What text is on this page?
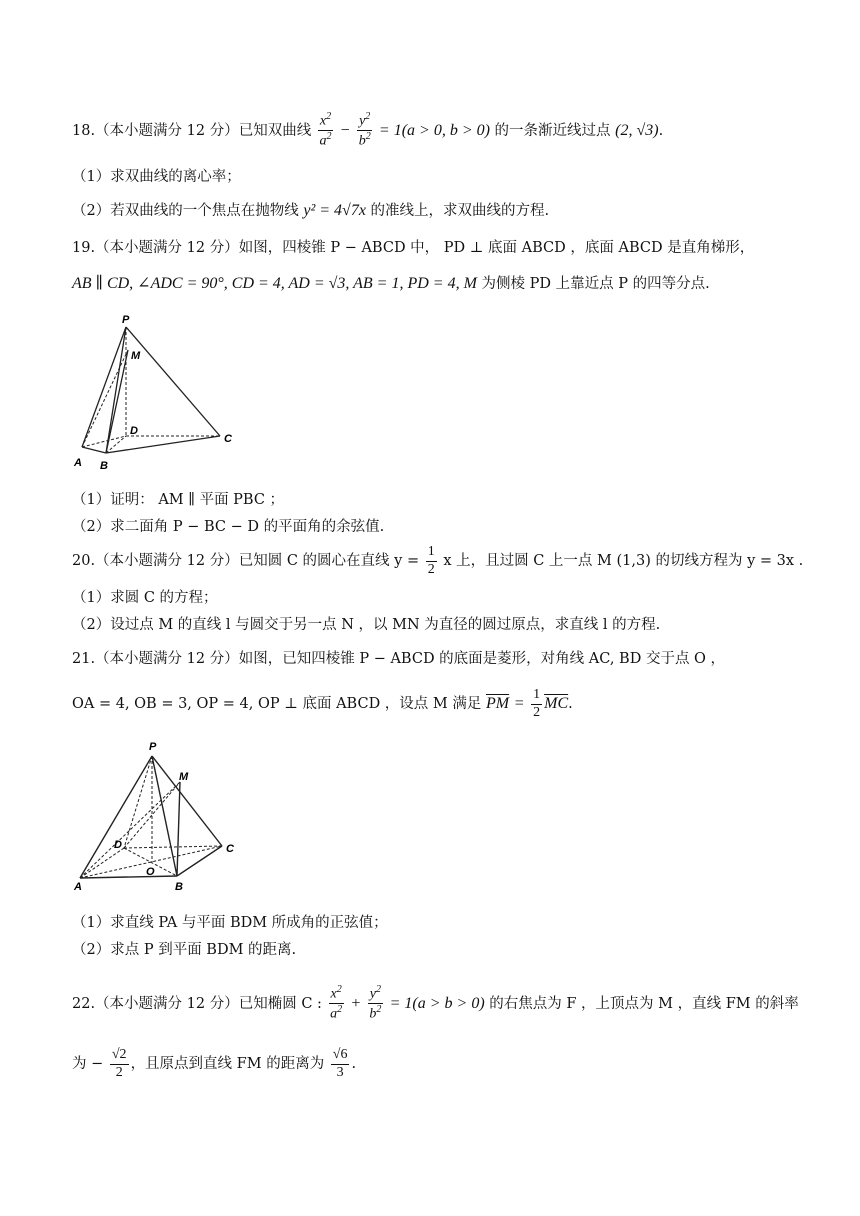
18.（本小题满分 12 分）已知双曲线 $\frac{x^2}{a^2} - \frac{y^2}{b^2} = 1(a > 0$, b > 0) 的一条渐近线过点 (2, √3).
（1）求双曲线的离心率；
（2）若双曲线的一个焦点在抛物线 y² = 4√7x 的准线上，求双曲线的方程.
19.（本小题满分 12 分）如图，四棱锥 P − ABCD 中， PD ⊥ 底面 ABCD ，底面 ABCD 是直角梯形，
AB ∥ CD, ∠ADC = 90°, CD = 4, AD = √3, AB = 1, PD = 4, M 为侧棱 PD 上靠近点 P 的四等分点.
P
M
D
C
A B
（1）证明： AM ∥ 平面 PBC ；
（2）求二面角 P − BC − D 的平面角的余弦值.
20.（本小题满分 12 分）已知圆 C 的圆心在直线 $y = \frac{1}{2}$ x 上，且过圆 C 上一点 M (1,3) 的切线方程为 y = 3x .
（1）求圆 C 的方程；
（2）设过点 M 的直线 l 与圆交于另一点 N ，以 MN 为直径的圆过原点，求直线 l 的方程.
21.（本小题满分 12 分）如图，已知四棱锥 P − ABCD 的底面是菱形，对角线 AC, BD 交于点 O ，
OA = 4, OB = 3, OP = 4, OP ⊥ 底面 ABCD ，设点 M 满足 $\overline{PM} = \frac{1}{2} \overline{MC}$.
P
M
D	C
O
A	B
（1）求直线 PA 与平面 BDM 所成角的正弦值；
（2）求点 P 到平面 BDM 的距离.
22.（本小题满分 12 分）已知椭圆 C : $\frac{x^2}{a^2} + \frac{y^2}{b^2} = 1(a > b > 0)$ 的右焦点为 F ，上顶点为 M ，直线 FM 的斜率
为 − $\frac{√2}{2}$ ，且原点到直线 FM 的距离为 $\frac{√6}{3}$ .
